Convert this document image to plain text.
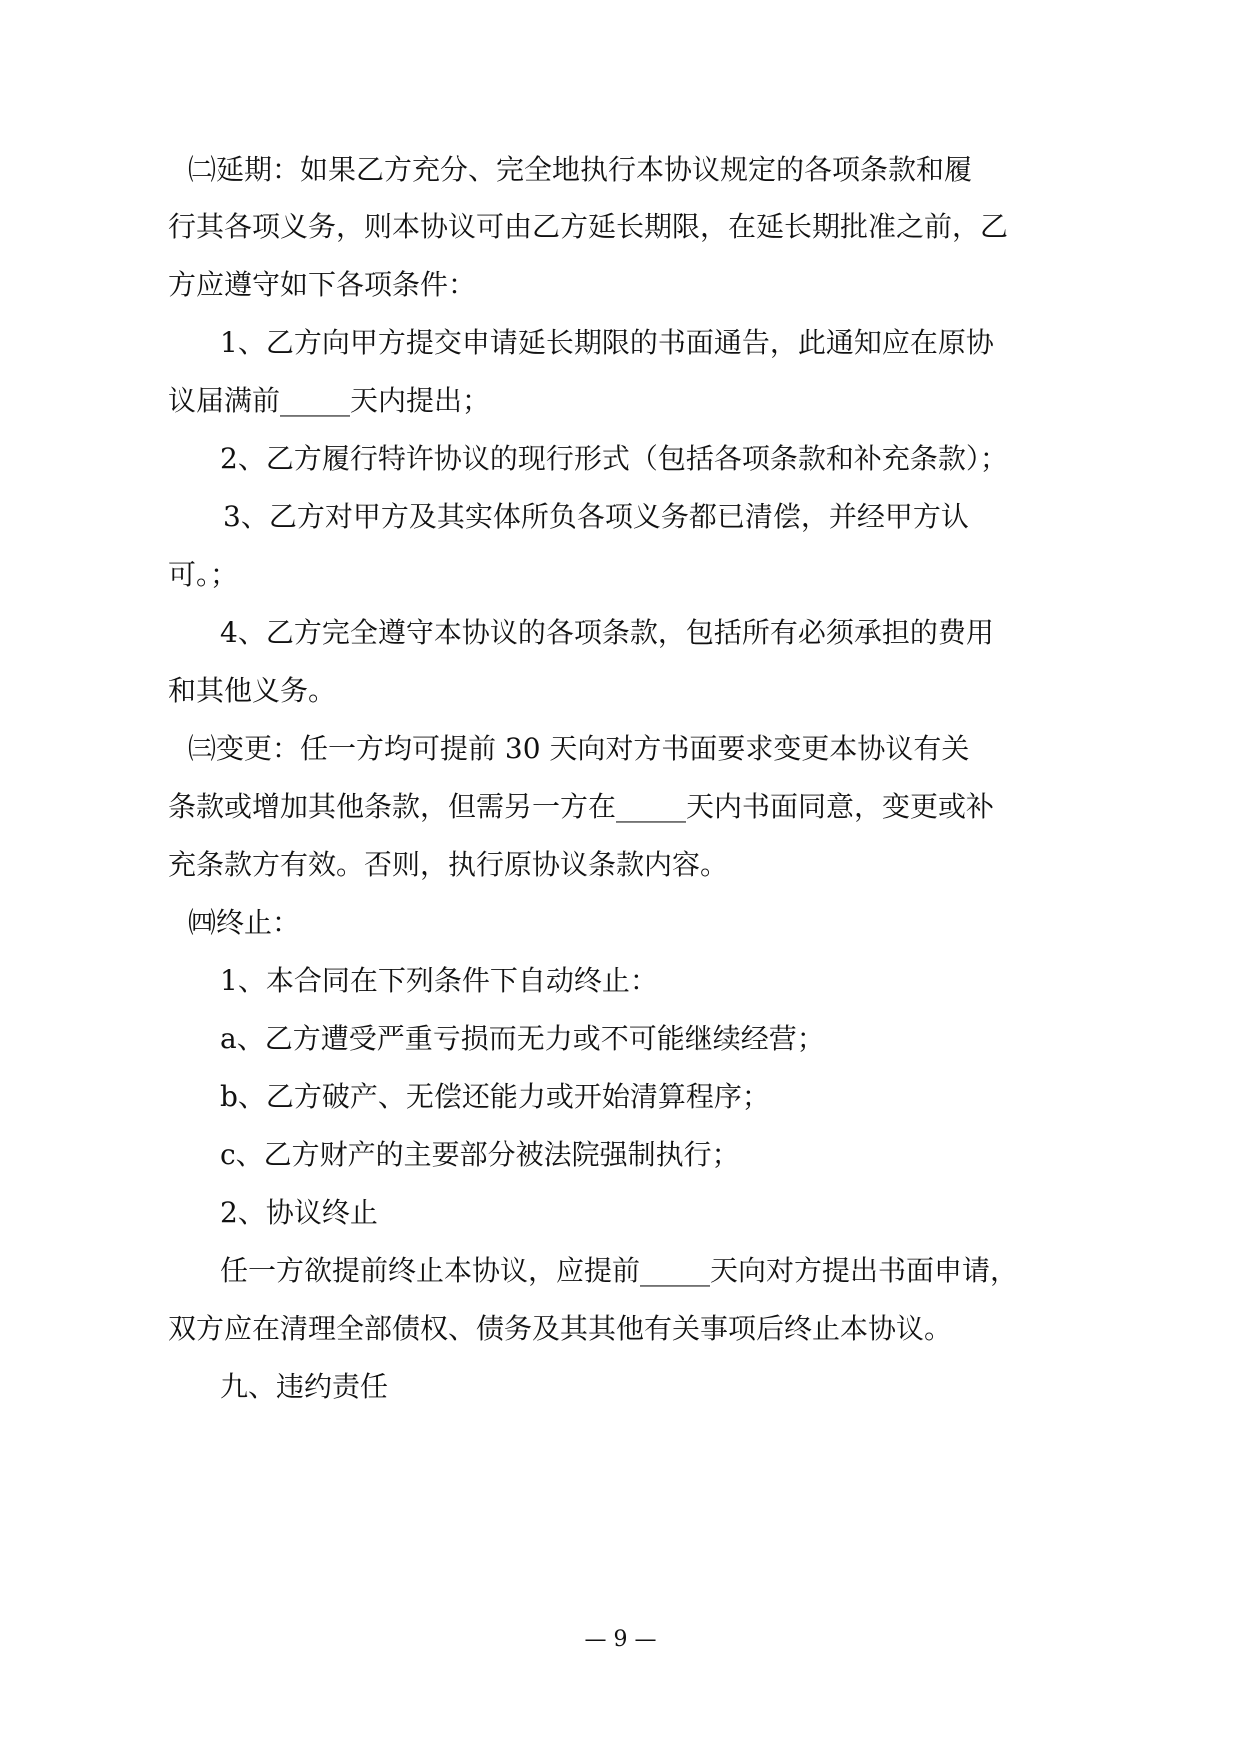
㈡延期：如果乙方充分、完全地执行本协议规定的各项条款和履
行其各项义务，则本协议可由乙方延长期限，在延长期批准之前，乙
方应遵守如下各项条件：
1、乙方向甲方提交申请延长期限的书面通告，此通知应在原协
议届满前_____天内提出；
2、乙方履行特许协议的现行形式（包括各项条款和补充条款）；
3、乙方对甲方及其实体所负各项义务都已清偿，并经甲方认
可。；
4、乙方完全遵守本协议的各项条款，包括所有必须承担的费用
和其他义务。
㈢变更：任一方均可提前 30 天向对方书面要求变更本协议有关
条款或增加其他条款，但需另一方在_____天内书面同意，变更或补
充条款方有效。否则，执行原协议条款内容。
㈣终止：
1、本合同在下列条件下自动终止：
a、乙方遭受严重亏损而无力或不可能继续经营；
b、乙方破产、无偿还能力或开始清算程序；
c、乙方财产的主要部分被法院强制执行；
2、协议终止
任一方欲提前终止本协议，应提前_____天向对方提出书面申请，
双方应在清理全部债权、债务及其其他有关事项后终止本协议。
九、违约责任
— 9 —
